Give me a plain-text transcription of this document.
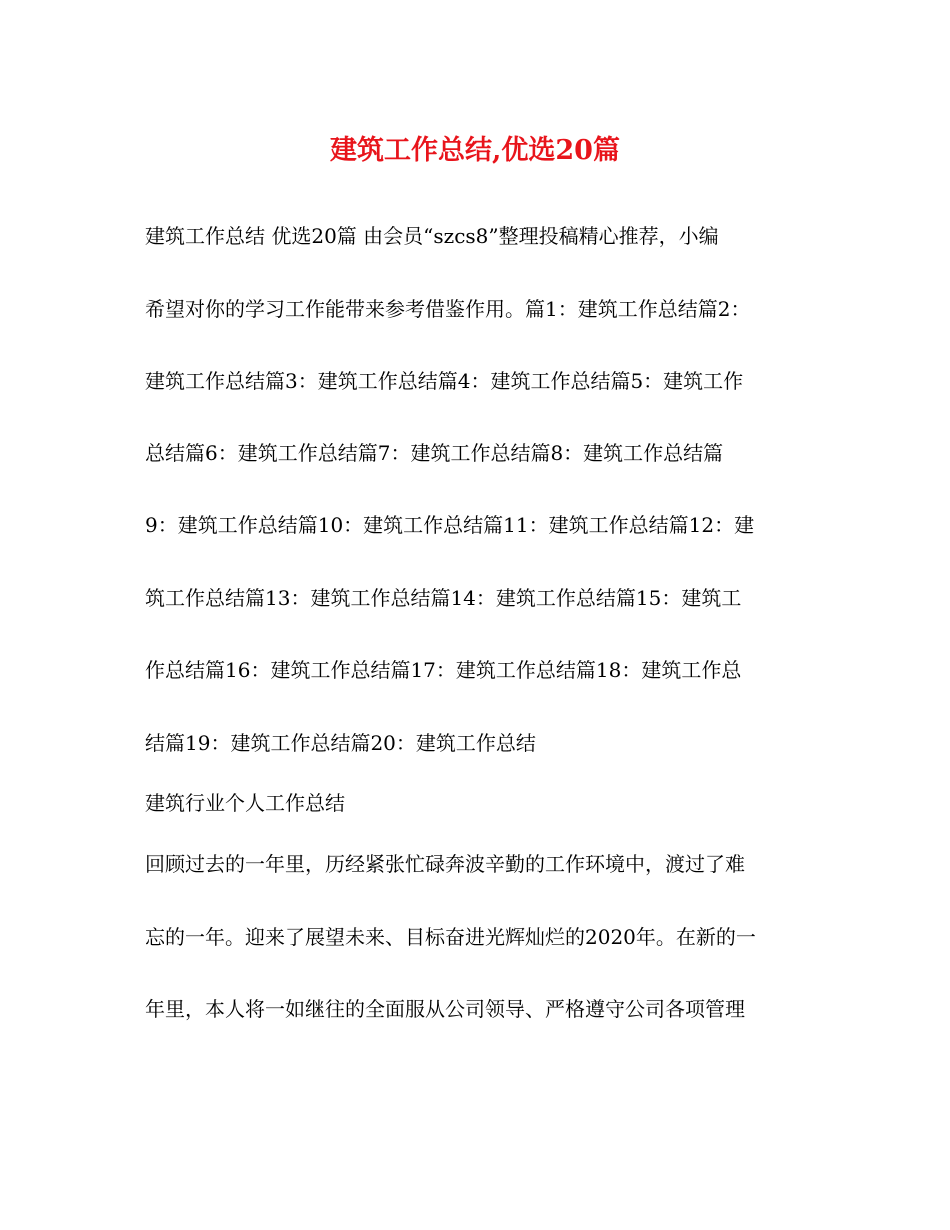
建筑工作总结,优选20篇
建筑工作总结 优选20篇 由会员“szcs8”整理投稿精心推荐，小编
希望对你的学习工作能带来参考借鉴作用。篇1：建筑工作总结篇2：
建筑工作总结篇3：建筑工作总结篇4：建筑工作总结篇5：建筑工作
总结篇6：建筑工作总结篇7：建筑工作总结篇8：建筑工作总结篇
9：建筑工作总结篇10：建筑工作总结篇11：建筑工作总结篇12：建
筑工作总结篇13：建筑工作总结篇14：建筑工作总结篇15：建筑工
作总结篇16：建筑工作总结篇17：建筑工作总结篇18：建筑工作总
结篇19：建筑工作总结篇20：建筑工作总结
建筑行业个人工作总结
回顾过去的一年里，历经紧张忙碌奔波辛勤的工作环境中，渡过了难
忘的一年。迎来了展望未来、目标奋进光辉灿烂的2020年。在新的一
年里，本人将一如继往的全面服从公司领导、严格遵守公司各项管理
